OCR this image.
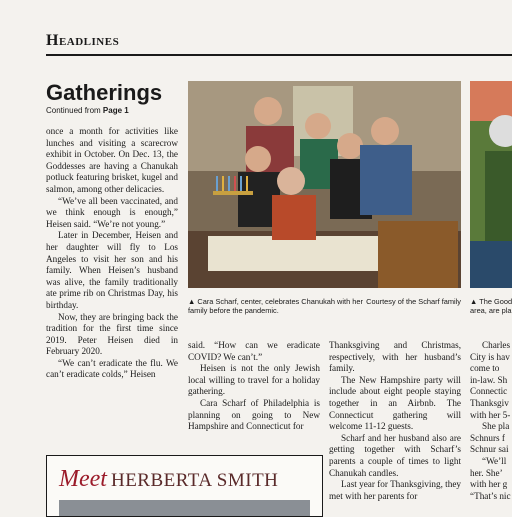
Headlines
Gatherings
Continued from Page 1

once a month for activities like lunches and visiting a scarecrow exhibit in October. On Dec. 13, the Goddesses are having a Chanukah potluck featuring brisket, kugel and salmon, among other delicacies.

“We’ve all been vaccinated, and we think enough is enough,” Heisen said. “We’re not young.”

Later in December, Heisen and her daughter will fly to Los Angeles to visit her son and his family. When Heisen’s husband was alive, the family traditionally ate prime rib on Christmas Day, his birthday.

Now, they are bringing back the tradition for the first time since 2019. Peter Heisen died in February 2020.

“We can’t eradicate the flu. We can’t eradicate colds,” Heisen

Courtesy of the Scharf family
▲ Cara Scharf, center, celebrates Chanukah with her family before the pandemic.
▲ The Good
area, are pla

said. “How can we eradicate COVID? We can’t.”

Heisen is not the only Jewish local willing to travel for a holiday gathering.

Cara Scharf of Philadelphia is planning on going to New Hampshire and Connecticut for

Thanksgiving and Christmas, respectively, with her husband’s family.

The New Hampshire party will include about eight people staying together in an Airbnb. The Connecticut gathering will welcome 11-12 guests.

Scharf and her husband also are getting together with Scharf’s parents a couple of times to light Chanukah candles.

Last year for Thanksgiving, they met with her parents for

Charles
City is hav
come to
in-law. Sh
Connectic
Thanksgiv
with her 5-
She pla
Schnurs f
Schnur sai
“We’ll
her. She’
with her g
“That’s nic
Meet HERBERTA SMITH
